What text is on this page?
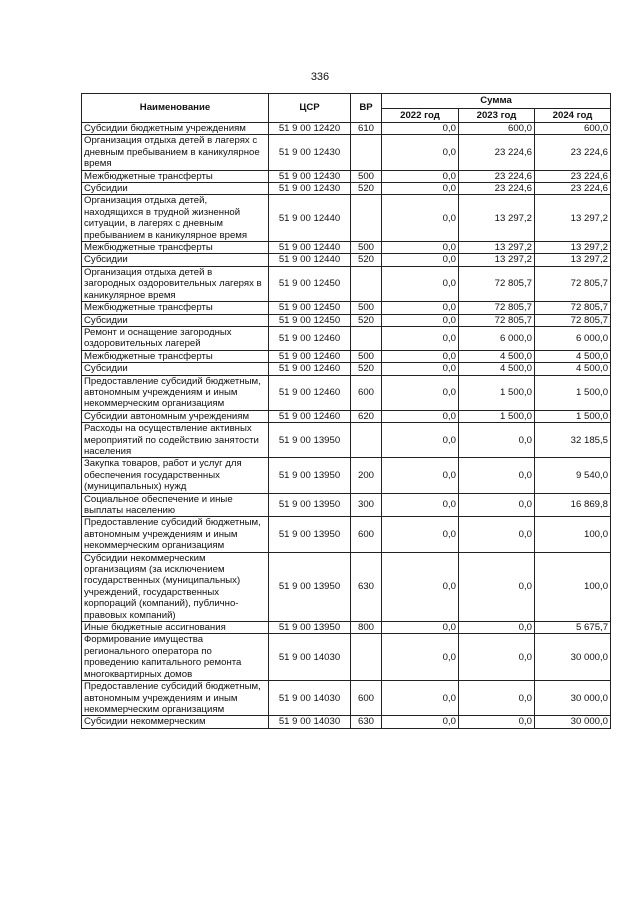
336
Наименование	ЦСР	ВР	Сумма		
			2022 год	2023 год	2024 год
Субсидии бюджетным учреждениям	51 9 00 12420	610	0,0	600,0	600,0
Организация отдыха детей в лагерях с дневным пребыванием в каникулярное время	51 9 00 12430		0,0	23 224,6	23 224,6
Межбюджетные трансферты	51 9 00 12430	500	0,0	23 224,6	23 224,6
Субсидии	51 9 00 12430	520	0,0	23 224,6	23 224,6
Организация отдыха детей, находящихся в трудной жизненной ситуации, в лагерях с дневным пребыванием в каникулярное время	51 9 00 12440		0,0	13 297,2	13 297,2
Межбюджетные трансферты	51 9 00 12440	500	0,0	13 297,2	13 297,2
Субсидии	51 9 00 12440	520	0,0	13 297,2	13 297,2
Организация отдыха детей в загородных оздоровительных лагерях в каникулярное время	51 9 00 12450		0,0	72 805,7	72 805,7
Межбюджетные трансферты	51 9 00 12450	500	0,0	72 805,7	72 805,7
Субсидии	51 9 00 12450	520	0,0	72 805,7	72 805,7
Ремонт и оснащение загородных оздоровительных лагерей	51 9 00 12460		0,0	6 000,0	6 000,0
Межбюджетные трансферты	51 9 00 12460	500	0,0	4 500,0	4 500,0
Субсидии	51 9 00 12460	520	0,0	4 500,0	4 500,0
Предоставление субсидий бюджетным, автономным учреждениям и иным некоммерческим организациям	51 9 00 12460	600	0,0	1 500,0	1 500,0
Субсидии автономным учреждениям	51 9 00 12460	620	0,0	1 500,0	1 500,0
Расходы на осуществление активных мероприятий по содействию занятости населения	51 9 00 13950		0,0	0,0	32 185,5
Закупка товаров, работ и услуг для обеспечения государственных (муниципальных) нужд	51 9 00 13950	200	0,0	0,0	9 540,0
Социальное обеспечение и иные выплаты населению	51 9 00 13950	300	0,0	0,0	16 869,8
Предоставление субсидий бюджетным, автономным учреждениям и иным некоммерческим организациям	51 9 00 13950	600	0,0	0,0	100,0
Субсидии некоммерческим организациям (за исключением государственных (муниципальных) учреждений, государственных корпораций (компаний), публично-правовых компаний)	51 9 00 13950	630	0,0	0,0	100,0
Иные бюджетные ассигнования	51 9 00 13950	800	0,0	0,0	5 675,7
Формирование имущества регионального оператора по проведению капитального ремонта многоквартирных домов	51 9 00 14030		0,0	0,0	30 000,0
Предоставление субсидий бюджетным, автономным учреждениям и иным некоммерческим организациям	51 9 00 14030	600	0,0	0,0	30 000,0
Субсидии некоммерческим	51 9 00 14030	630	0,0	0,0	30 000,0
